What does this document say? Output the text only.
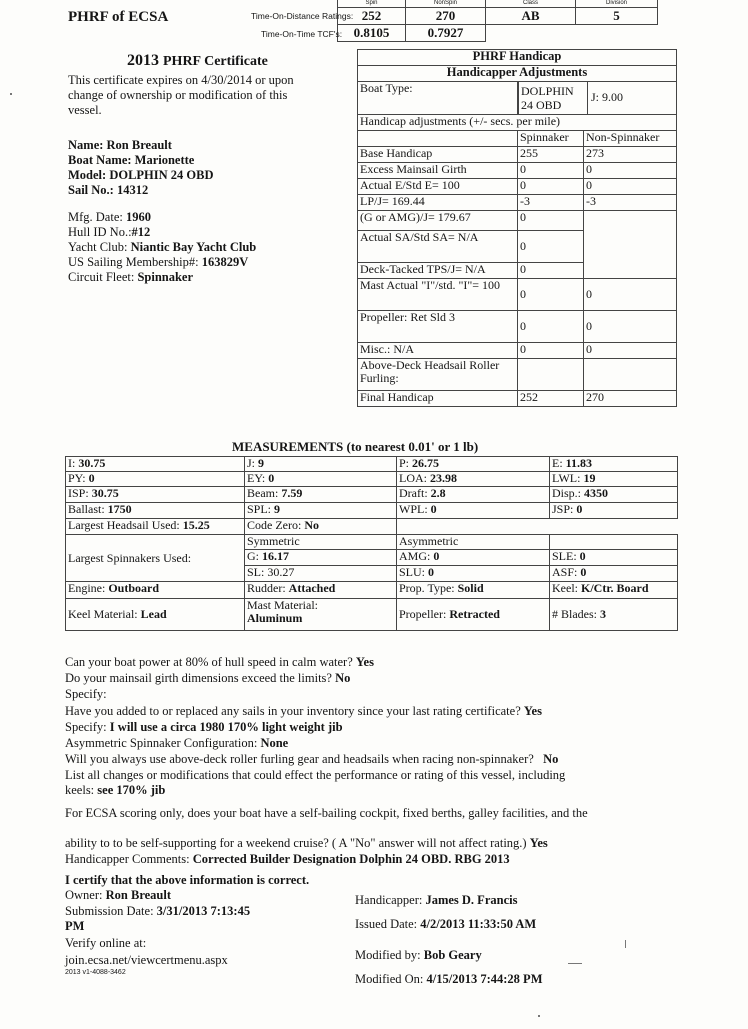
PHRF of ECSA
Spin	NonSpin	Class	Division
252	270	AB	5
0.8105	0.7927		
Time-On-Distance Ratings:
Time-On-Time TCF's:
2013 PHRF Certificate
This certificate expires on 4/30/2014 or upon
change of ownership or modification of this
vessel.
Name: Ron Breault
Boat Name: Marionette
Model: DOLPHIN 24 OBD
Sail No.: 14312
Mfg. Date: 1960
Hull ID No.:#12
Yacht Club: Niantic Bay Yacht Club
US Sailing Membership#: 163829V
Circuit Fleet: Spinnaker
PHRF Handicap		
Handicapper Adjustments		
Boat Type:	DOLPHIN 24 OBD
J: 9.00	

Handicap adjustments (+/- secs. per mile)		
	Spinnaker	Non-Spinnaker
Base Handicap	255	273
Excess Mainsail Girth	0	0
Actual E/Std E= 100	0	0
LP/J= 169.44	-3	-3
(G or AMG)/J= 179.67	0	
Actual SA/Std SA= N/A	0	
Deck-Tacked TPS/J= N/A	0	
Mast Actual "I"/std. "I"= 100	0	0
Propeller: Ret Sld 3	0	0
Misc.: N/A	0	0
Above-Deck Headsail Roller Furling:		
Final Handicap	252	270
MEASUREMENTS (to nearest 0.01' or 1 lb)
I: 30.75	J: 9	P: 26.75	E: 11.83
PY: 0	EY: 0	LOA: 23.98	LWL: 19
ISP: 30.75	Beam: 7.59	Draft: 2.8	Disp.: 4350
Ballast: 1750	SPL: 9	WPL: 0	JSP: 0
Largest Headsail Used: 15.25	Code Zero: No		
Largest Spinnakers Used:	Symmetric	Asymmetric	
	G: 16.17	AMG: 0	SLE: 0
	SL: 30.27	SLU: 0	ASF: 0
Engine: Outboard	Rudder: Attached	Prop. Type: Solid	Keel: K/Ctr. Board
Keel Material: Lead	Mast Material:
Aluminum	Propeller: Retracted	# Blades: 3
Can your boat power at 80% of hull speed in calm water? Yes
Do your mainsail girth dimensions exceed the limits? No
Specify:
Have you added to or replaced any sails in your inventory since your last rating certificate? Yes
Specify: I will use a circa 1980 170% light weight jib
Asymmetric Spinnaker Configuration: None
Will you always use above-deck roller furling gear and headsails when racing non-spinnaker? No
List all changes or modifications that could effect the performance or rating of this vessel, including
keels: see 170% jib
For ECSA scoring only, does your boat have a self-bailing cockpit, fixed berths, galley facilities, and the
ability to to be self-supporting for a weekend cruise? ( A "No" answer will not affect rating.) Yes
Handicapper Comments: Corrected Builder Designation Dolphin 24 OBD. RBG 2013
I certify that the above information is correct.
Owner: Ron Breault
Submission Date: 3/31/2013 7:13:45
PM
Verify online at:
join.ecsa.net/viewcertmenu.aspx
2013 v1-4088-3462
Handicapper: James D. Francis
Issued Date: 4/2/2013 11:33:50 AM
Modified by: Bob Geary
Modified On: 4/15/2013 7:44:28 PM
